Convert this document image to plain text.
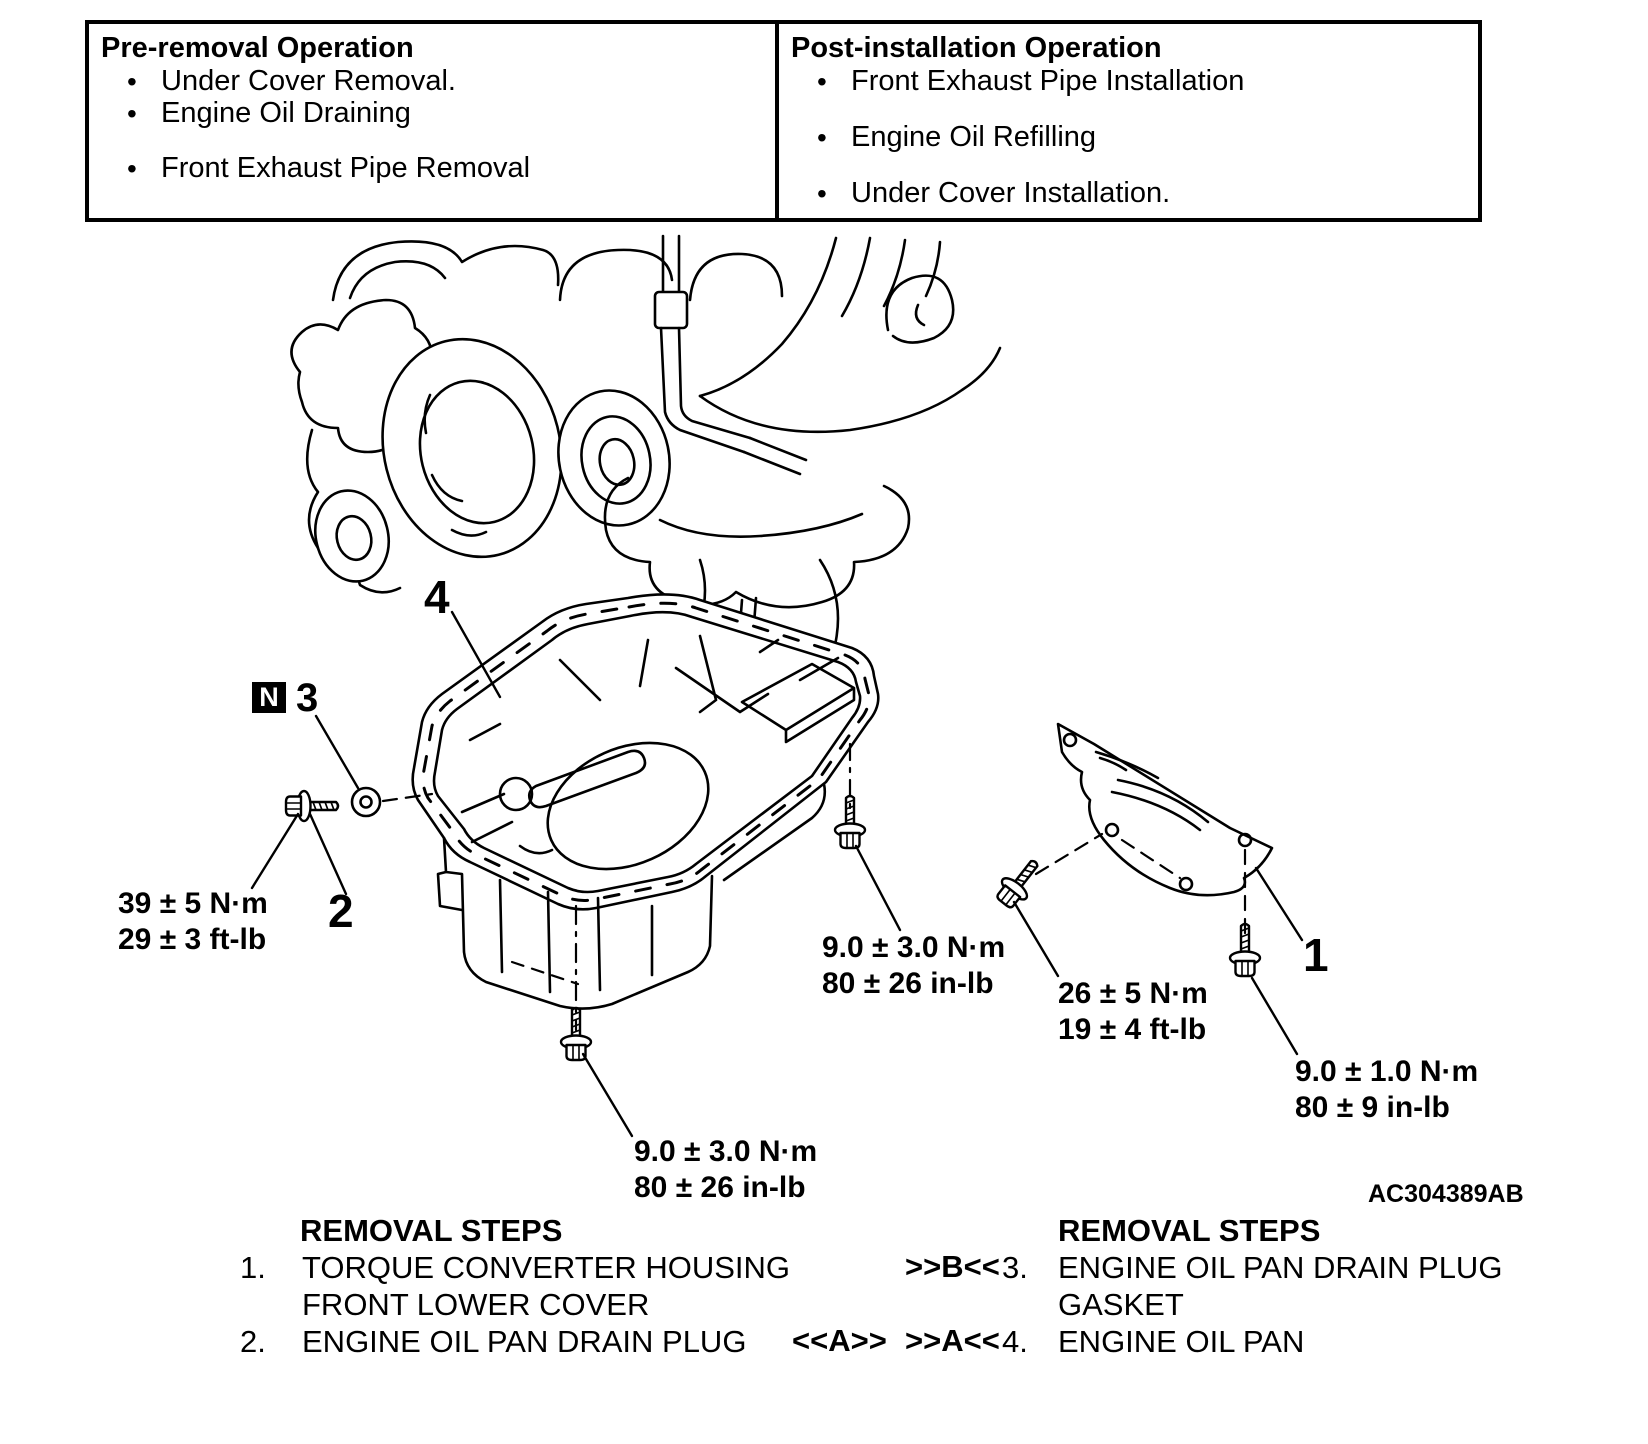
Pre-removal Operation
• Under Cover Removal.
• Engine Oil Draining
• Front Exhaust Pipe Removal
Post-installation Operation
• Front Exhaust Pipe Installation
• Engine Oil Refilling
• Under Cover Installation.
4
N 3
2
1
39 ± 5 N·m
29 ± 3 ft-lb	9.0 ± 3.0 N·m
80 ± 26 in-lb
9.0 ± 3.0 N·m
80 ± 26 in-lb
26 ± 5 N·m
19 ± 4 ft-lb
9.0 ± 1.0 N·m
80 ± 9 in-lb
AC304389AB
REMOVAL STEPS
1. TORQUE CONVERTER HOUSING
FRONT LOWER COVER
2. ENGINE OIL PAN DRAIN PLUG
REMOVAL STEPS
>>B<< 3. ENGINE OIL PAN DRAIN PLUG
GASKET
<<A>> >>A<< 4. ENGINE OIL PAN
